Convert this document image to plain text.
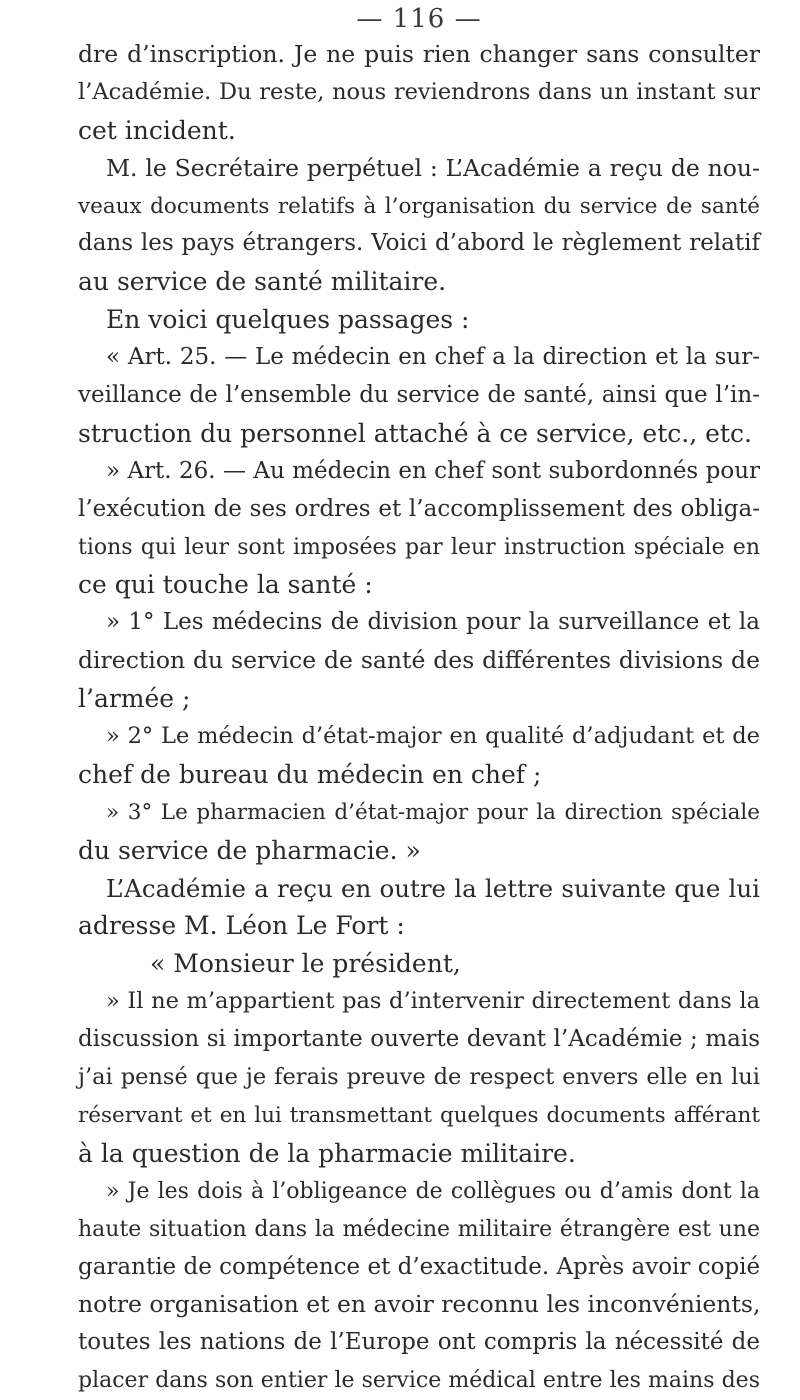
— 116 —
dre d’inscription. Je ne puis rien changer sans consulter
l’Académie. Du reste, nous reviendrons dans un instant sur
cet incident.
M. le Secrétaire perpétuel : L’Académie a reçu de nou-
veaux documents relatifs à l’organisation du service de santé
dans les pays étrangers. Voici d’abord le règlement relatif
au service de santé militaire.
En voici quelques passages :
« Art. 25. — Le médecin en chef a la direction et la sur-
veillance de l’ensemble du service de santé, ainsi que l’in-
struction du personnel attaché à ce service, etc., etc.
» Art. 26. — Au médecin en chef sont subordonnés pour
l’exécution de ses ordres et l’accomplissement des obliga-
tions qui leur sont imposées par leur instruction spéciale en
ce qui touche la santé :
» 1° Les médecins de division pour la surveillance et la
direction du service de santé des différentes divisions de
l’armée ;
» 2° Le médecin d’état-major en qualité d’adjudant et de
chef de bureau du médecin en chef ;
» 3° Le pharmacien d’état-major pour la direction spéciale
du service de pharmacie. »
L’Académie a reçu en outre la lettre suivante que lui
adresse M. Léon Le Fort :
« Monsieur le président,
» Il ne m’appartient pas d’intervenir directement dans la
discussion si importante ouverte devant l’Académie ; mais
j’ai pensé que je ferais preuve de respect envers elle en lui
réservant et en lui transmettant quelques documents afférant
à la question de la pharmacie militaire.
» Je les dois à l’obligeance de collègues ou d’amis dont la
haute situation dans la médecine militaire étrangère est une
garantie de compétence et d’exactitude. Après avoir copié
notre organisation et en avoir reconnu les inconvénients,
toutes les nations de l’Europe ont compris la nécessité de
placer dans son entier le service médical entre les mains des
